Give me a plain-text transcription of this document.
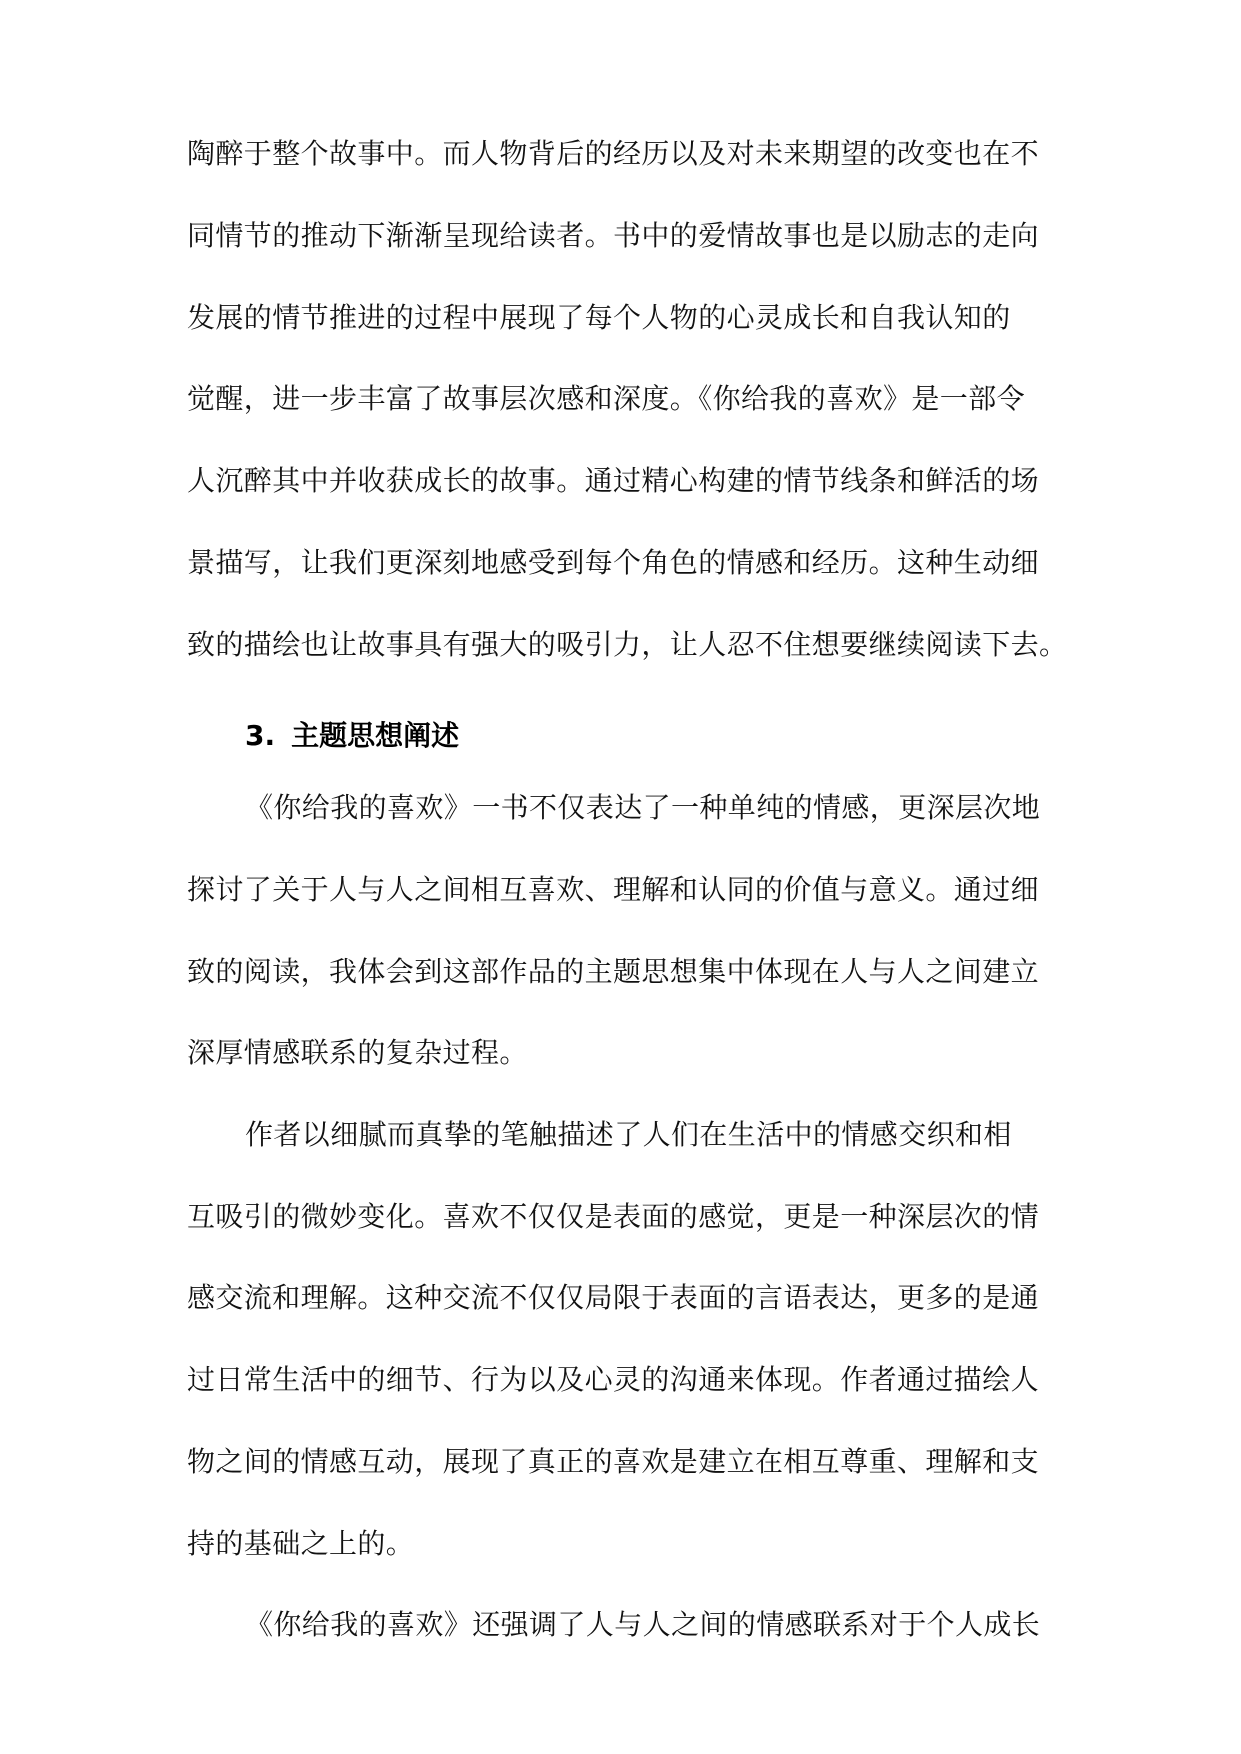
陶醉于整个故事中。而人物背后的经历以及对未来期望的改变也在不
同情节的推动下渐渐呈现给读者。书中的爱情故事也是以励志的走向
发展的情节推进的过程中展现了每个人物的心灵成长和自我认知的
觉醒，进一步丰富了故事层次感和深度。《你给我的喜欢》是一部令
人沉醉其中并收获成长的故事。通过精心构建的情节线条和鲜活的场
景描写，让我们更深刻地感受到每个角色的情感和经历。这种生动细
致的描绘也让故事具有强大的吸引力，让人忍不住想要继续阅读下去。
3. 主题思想阐述
《你给我的喜欢》一书不仅表达了一种单纯的情感，更深层次地
探讨了关于人与人之间相互喜欢、理解和认同的价值与意义。通过细
致的阅读，我体会到这部作品的主题思想集中体现在人与人之间建立
深厚情感联系的复杂过程。
作者以细腻而真挚的笔触描述了人们在生活中的情感交织和相
互吸引的微妙变化。喜欢不仅仅是表面的感觉，更是一种深层次的情
感交流和理解。这种交流不仅仅局限于表面的言语表达，更多的是通
过日常生活中的细节、行为以及心灵的沟通来体现。作者通过描绘人
物之间的情感互动，展现了真正的喜欢是建立在相互尊重、理解和支
持的基础之上的。
《你给我的喜欢》还强调了人与人之间的情感联系对于个人成长
